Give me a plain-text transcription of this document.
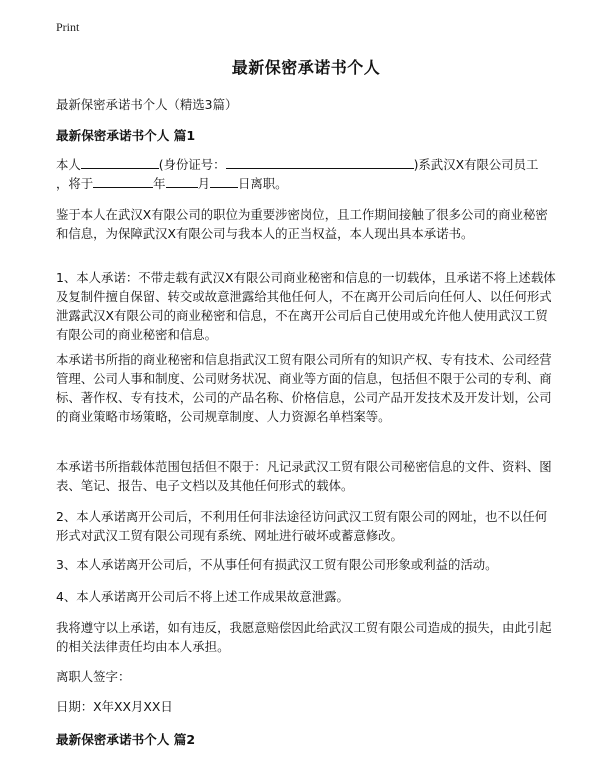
Print
最新保密承诺书个人

最新保密承诺书个人（精选3篇）

最新保密承诺书个人 篇1

本人	(身份证号：	)系武汉X有限公司员工
，将于	年	月 日离职。

鉴于本人在武汉X有限公司的职位为重要涉密岗位，且工作期间接触了很多公司的商业秘密和信息，为保障武汉X有限公司与我本人的正当权益，本人现出具本承诺书。

1、本人承诺：不带走载有武汉X有限公司商业秘密和信息的一切载体，且承诺不将上述载体及复制件擅自保留、转交或故意泄露给其他任何人，不在离开公司后向任何人、以任何形式泄露武汉X有限公司的商业秘密和信息，不在离开公司后自己使用或允许他人使用武汉工贸有限公司的商业秘密和信息。

本承诺书所指的商业秘密和信息指武汉工贸有限公司所有的知识产权、专有技术、公司经营管理、公司人事和制度、公司财务状况、商业等方面的信息，包括但不限于公司的专利、商标、著作权、专有技术，公司的产品名称、价格信息，公司产品开发技术及开发计划，公司的商业策略市场策略，公司规章制度、人力资源名单档案等。

本承诺书所指载体范围包括但不限于：凡记录武汉工贸有限公司秘密信息的文件、资料、图表、笔记、报告、电子文档以及其他任何形式的载体。

2、本人承诺离开公司后，不利用任何非法途径访问武汉工贸有限公司的网址，也不以任何形式对武汉工贸有限公司现有系统、网址进行破坏或蓄意修改。

3、本人承诺离开公司后，不从事任何有损武汉工贸有限公司形象或利益的活动。

4、本人承诺离开公司后不将上述工作成果故意泄露。

我将遵守以上承诺，如有违反，我愿意赔偿因此给武汉工贸有限公司造成的损失，由此引起的相关法律责任均由本人承担。

离职人签字：

日期：X年XX月XX日

最新保密承诺书个人 篇2
